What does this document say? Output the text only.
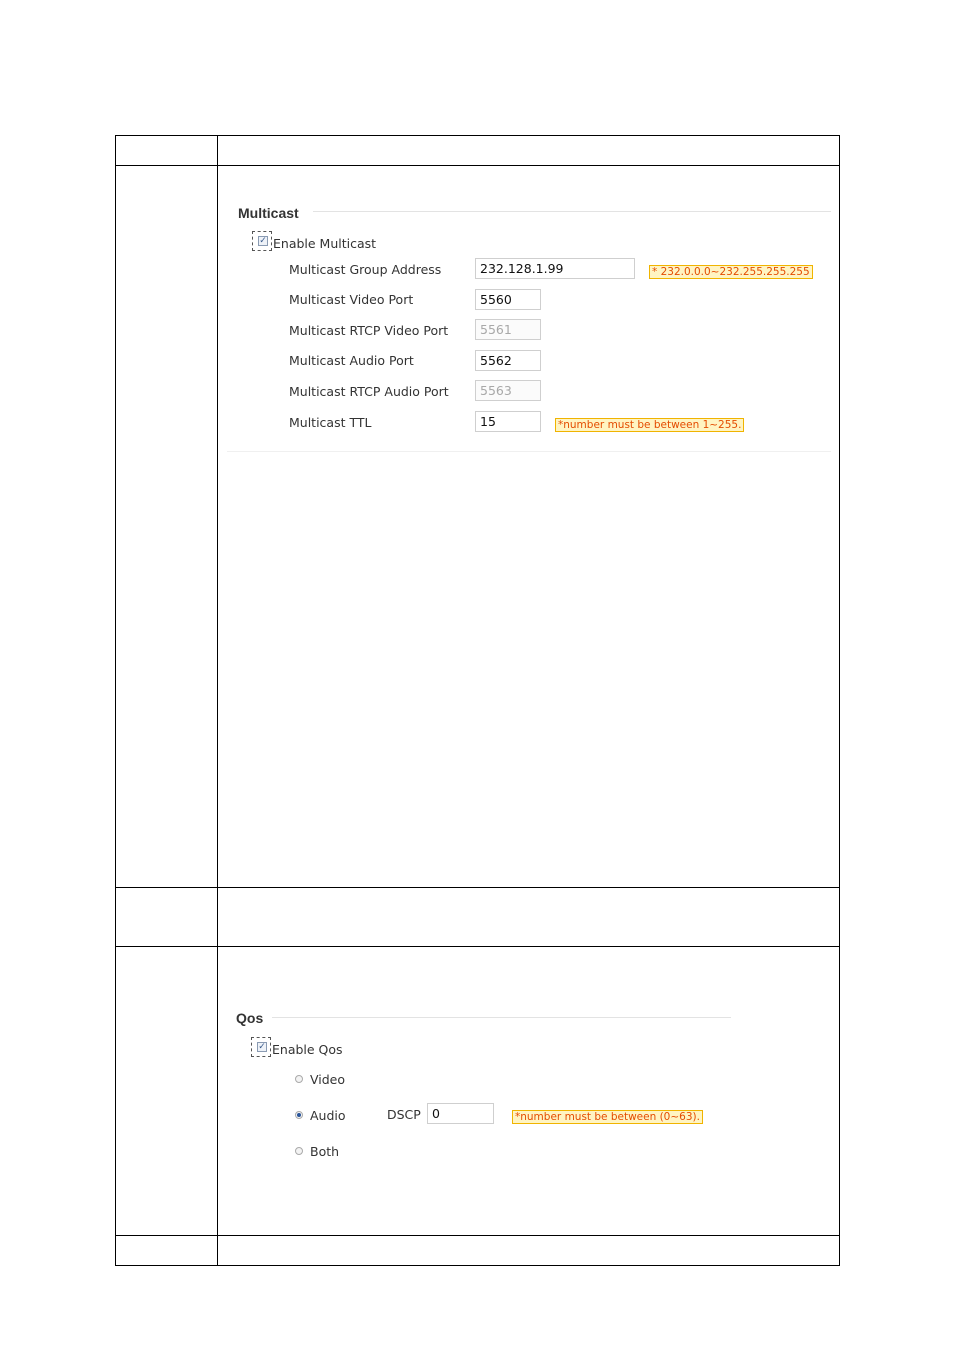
Multicast
✓ Enable Multicast
Multicast Group Address	232.128.1.99	* 232.0.0.0~232.255.255.255
Multicast Video Port	5560
Multicast RTCP Video Port	5561
Multicast Audio Port	5562
Multicast RTCP Audio Port	5563
Multicast TTL	15	*number must be between 1~255.
Qos
✓ Enable Qos
Video
Audio	DSCP 0	*number must be between (0~63).
Both
